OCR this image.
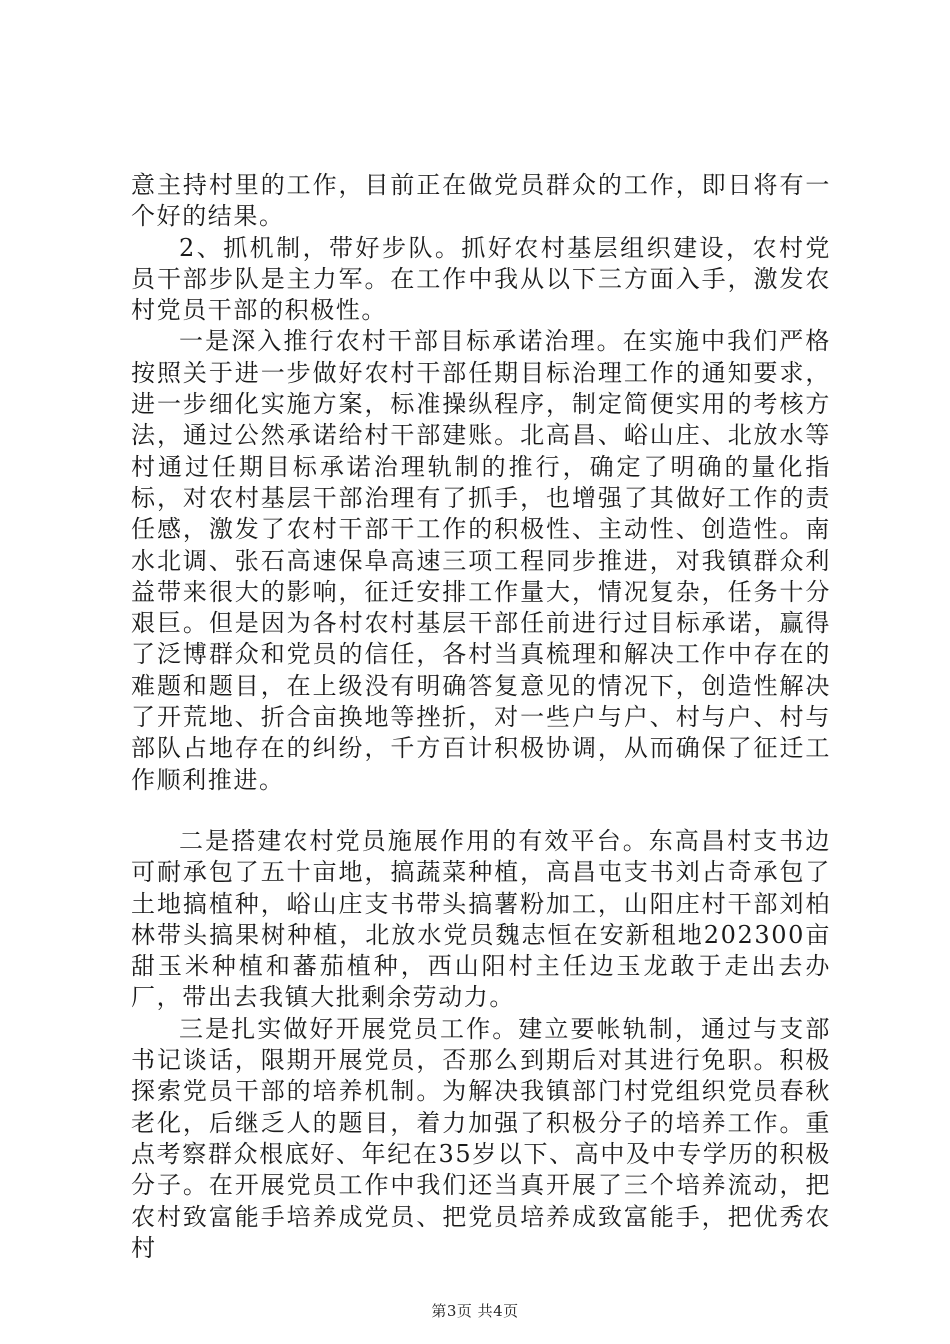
意主持村里的工作，目前正在做党员群众的工作，即日将有一个好的结果。

2、抓机制，带好步队。抓好农村基层组织建设，农村党员干部步队是主力军。在工作中我从以下三方面入手，激发农村党员干部的积极性。

一是深入推行农村干部目标承诺治理。在实施中我们严格按照关于进一步做好农村干部任期目标治理工作的通知要求，进一步细化实施方案，标准操纵程序，制定简便实用的考核方法，通过公然承诺给村干部建账。北高昌、峪山庄、北放水等村通过任期目标承诺治理轨制的推行，确定了明确的量化指标，对农村基层干部治理有了抓手，也增强了其做好工作的责任感，激发了农村干部干工作的积极性、主动性、创造性。南水北调、张石高速保阜高速三项工程同步推进，对我镇群众利益带来很大的影响，征迁安排工作量大，情况复杂，任务十分艰巨。但是因为各村农村基层干部任前进行过目标承诺，赢得了泛博群众和党员的信任，各村当真梳理和解决工作中存在的难题和题目，在上级没有明确答复意见的情况下，创造性解决了开荒地、折合亩换地等挫折，对一些户与户、村与户、村与部队占地存在的纠纷，千方百计积极协调，从而确保了征迁工作顺利推进。

二是搭建农村党员施展作用的有效平台。东高昌村支书边可耐承包了五十亩地，搞蔬菜种植，高昌屯支书刘占奇承包了土地搞植种，峪山庄支书带头搞薯粉加工，山阳庄村干部刘柏林带头搞果树种植，北放水党员魏志恒在安新租地202300亩甜玉米种植和蕃茄植种，西山阳村主任边玉龙敢于走出去办厂，带出去我镇大批剩余劳动力。

三是扎实做好开展党员工作。建立要帐轨制，通过与支部书记谈话，限期开展党员，否那么到期后对其进行免职。积极探索党员干部的培养机制。为解决我镇部门村党组织党员春秋老化，后继乏人的题目，着力加强了积极分子的培养工作。重点考察群众根底好、年纪在35岁以下、高中及中专学历的积极分子。在开展党员工作中我们还当真开展了三个培养流动，把农村致富能手培养成党员、把党员培养成致富能手，把优秀农村

第3页 共4页
